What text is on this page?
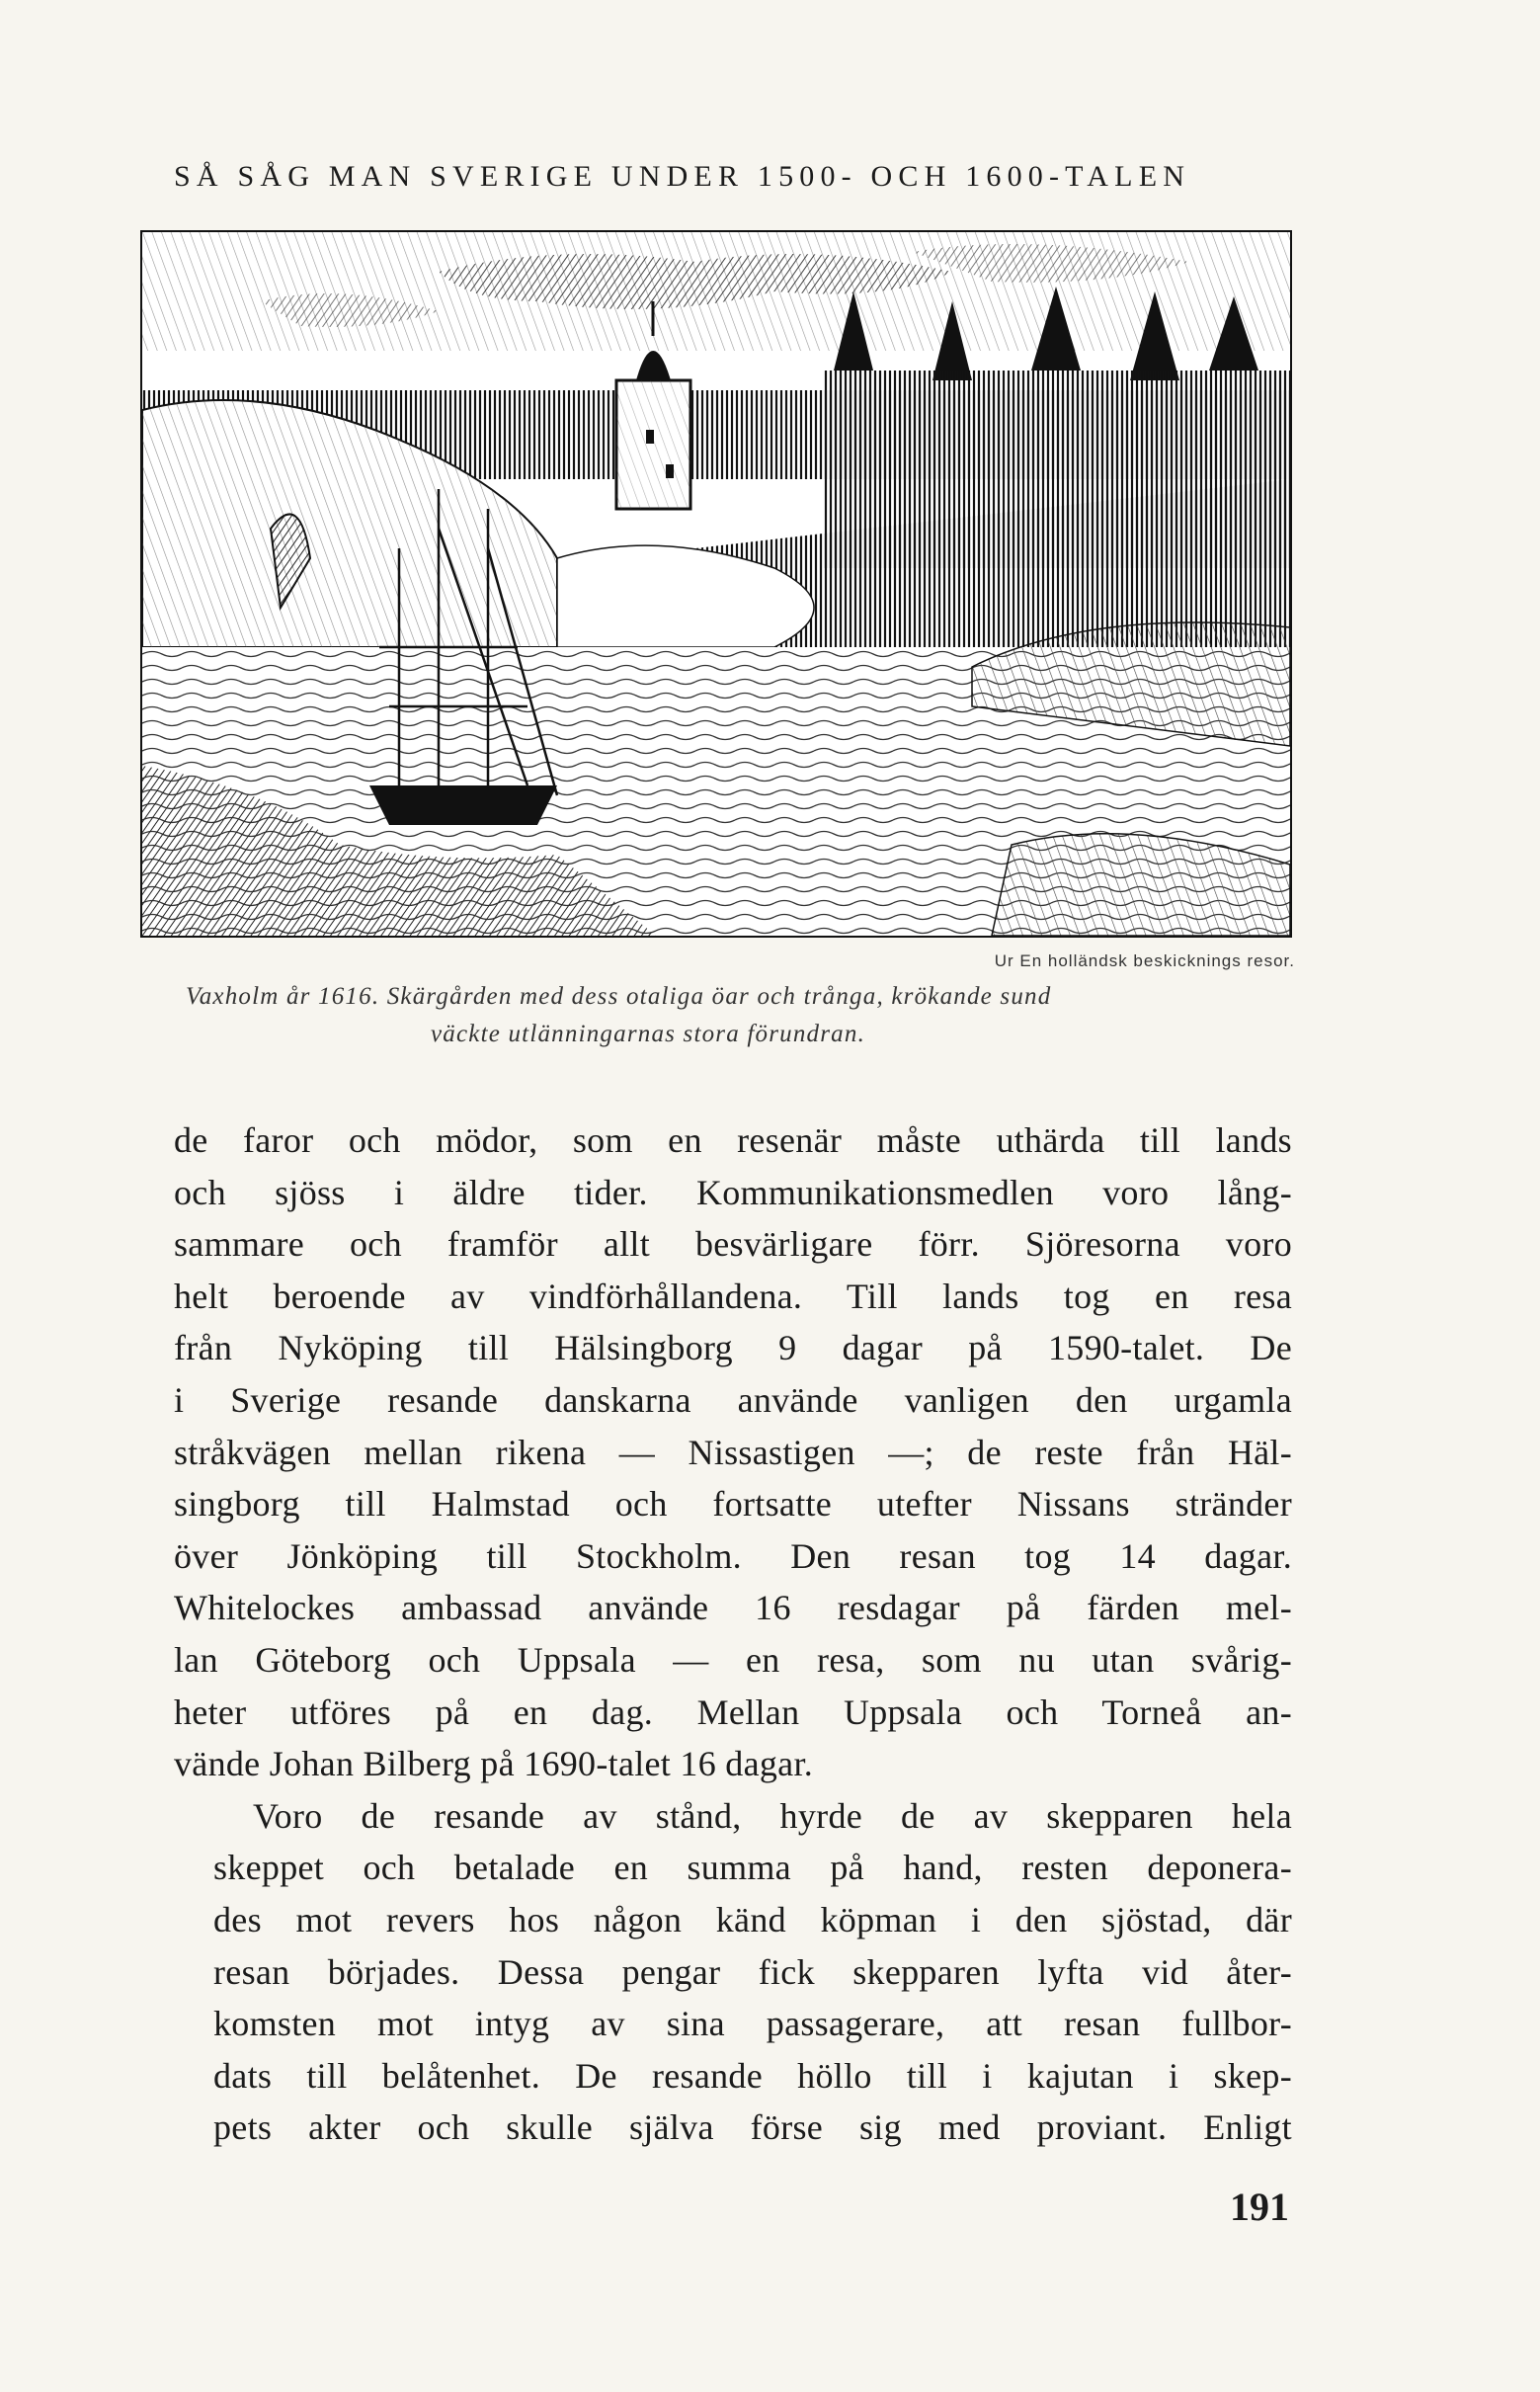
SÅ SÅG MAN SVERIGE UNDER 1500- OCH 1600-TALEN
Ur En holländsk beskicknings resor.
Vaxholm år 1616. Skärgården med dess otaliga öar och trånga, krökande sund
väckte utlänningarnas stora förundran.

de faror och mödor, som en resenär måste uthärda till lands
och sjöss i äldre tider. Kommunikationsmedlen voro lång-
sammare och framför allt besvärligare förr. Sjöresorna voro
helt beroende av vindförhållandena. Till lands tog en resa
från Nyköping till Hälsingborg 9 dagar på 1590-talet. De
i Sverige resande danskarna använde vanligen den urgamla
stråkvägen mellan rikena — Nissastigen —; de reste från Häl-
singborg till Halmstad och fortsatte utefter Nissans stränder
över Jönköping till Stockholm. Den resan tog 14 dagar.
Whitelockes ambassad använde 16 resdagar på färden mel-
lan Göteborg och Uppsala — en resa, som nu utan svårig-
heter utföres på en dag. Mellan Uppsala och Torneå an-
vände Johan Bilberg på 1690-talet 16 dagar.

Voro de resande av stånd, hyrde de av skepparen hela
skeppet och betalade en summa på hand, resten deponera-
des mot revers hos någon känd köpman i den sjöstad, där
resan börjades. Dessa pengar fick skepparen lyfta vid åter-
komsten mot intyg av sina passagerare, att resan fullbor-
dats till belåtenhet. De resande höllo till i kajutan i skep-
pets akter och skulle själva förse sig med proviant. Enligt

191
